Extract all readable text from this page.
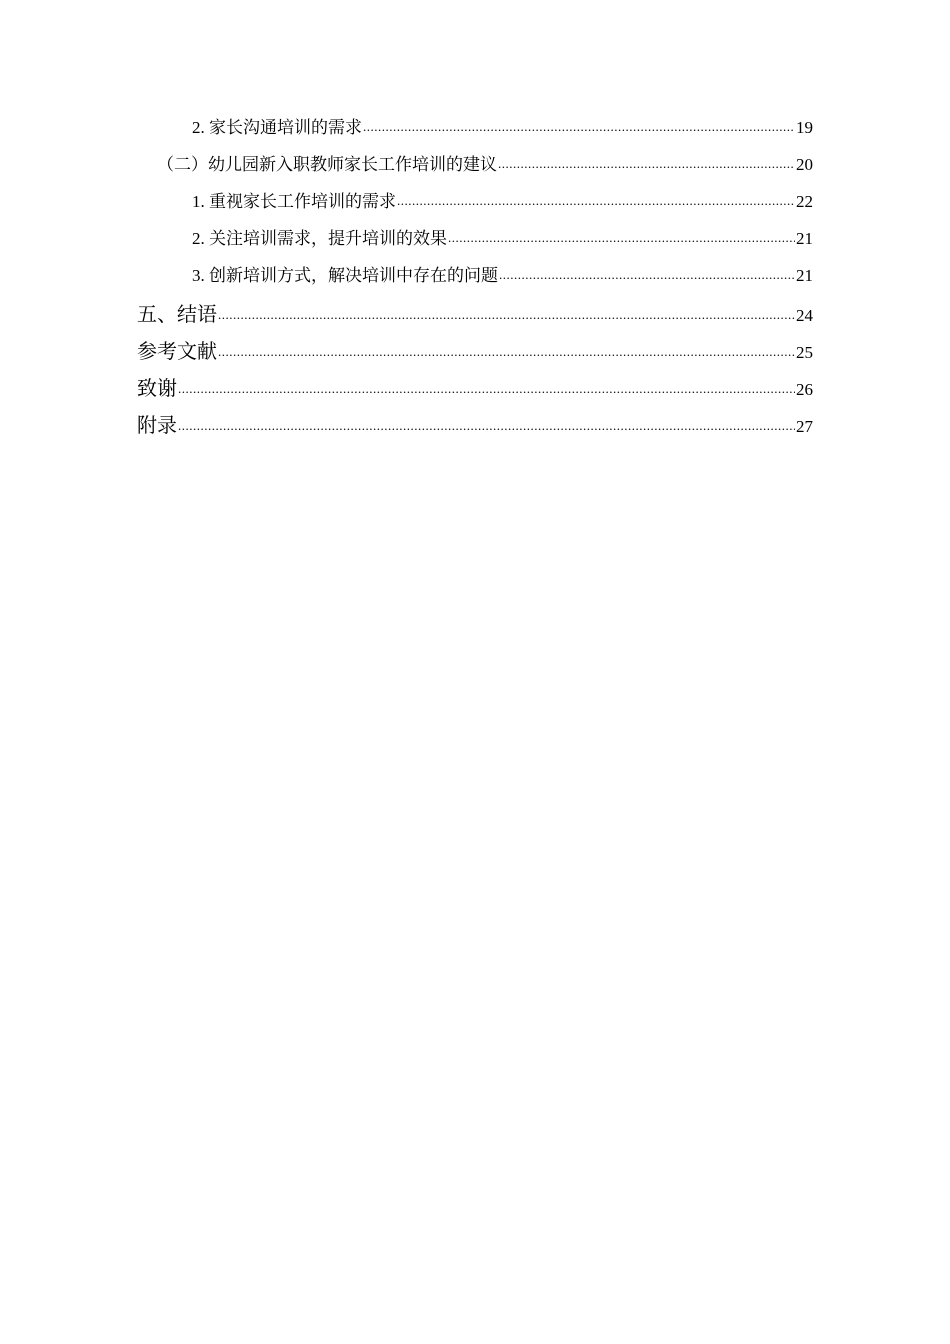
2. 家长沟通培训的需求 .....	19
（二）幼儿园新入职教师家长工作培训的建议 .....	20
1. 重视家长工作培训的需求 .....	22
2. 关注培训需求，提升培训的效果 .....	21
3. 创新培训方式，解决培训中存在的问题 .....	21
五、结语 .....	24
参考文献 .....	25
致谢 .....	26
附录 .....	27
